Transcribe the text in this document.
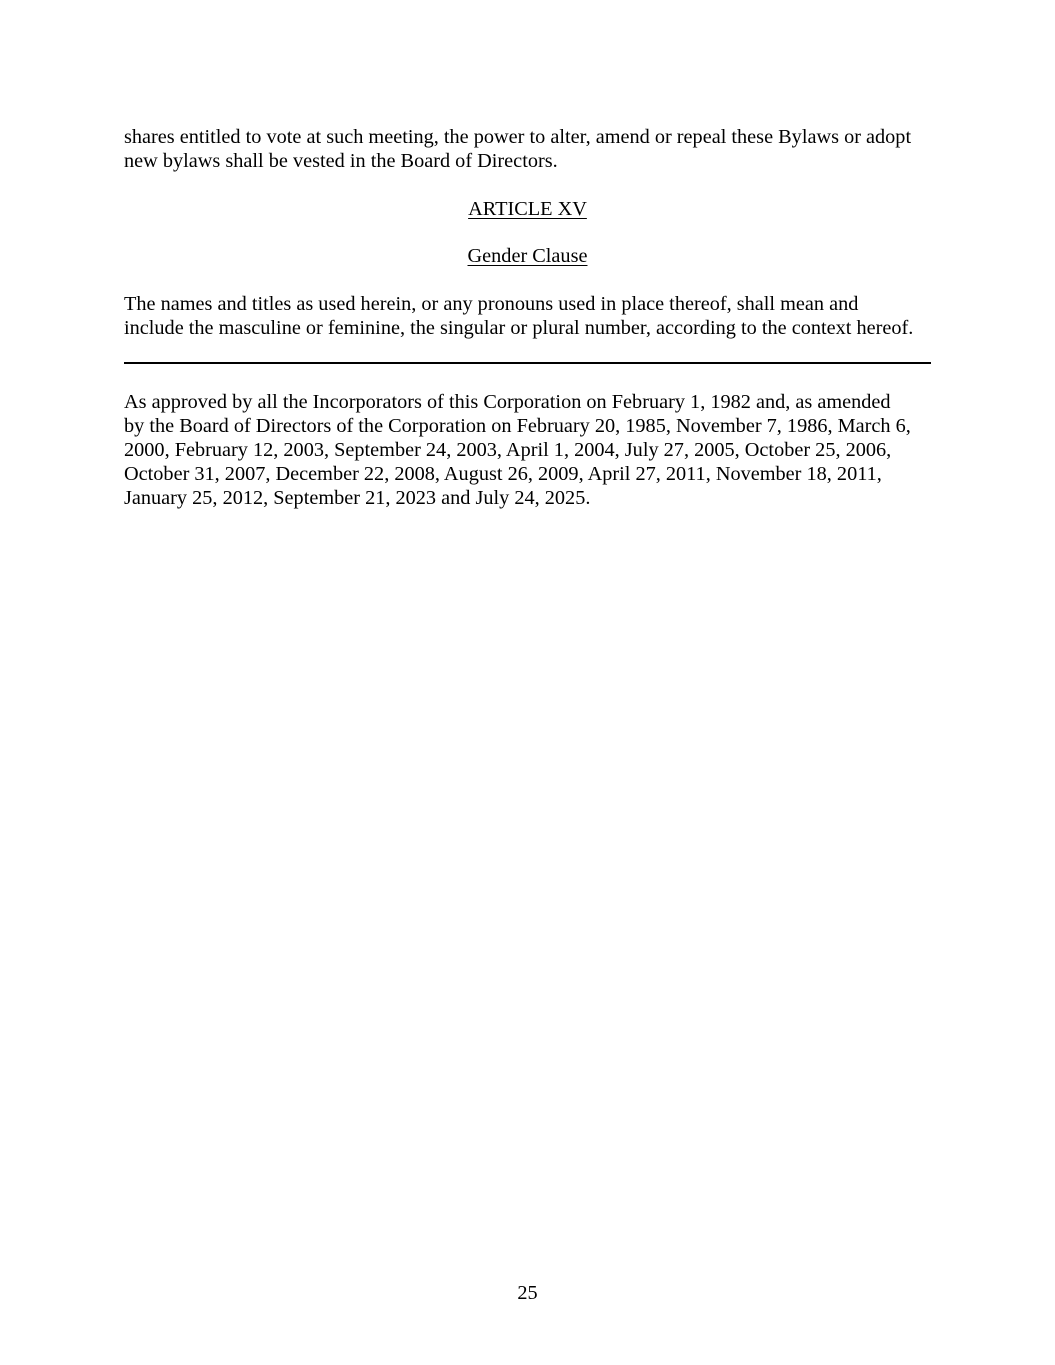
shares entitled to vote at such meeting, the power to alter, amend or repeal these Bylaws or adopt
new bylaws shall be vested in the Board of Directors.

ARTICLE XV

Gender Clause

The names and titles as used herein, or any pronouns used in place thereof, shall mean and
include the masculine or feminine, the singular or plural number, according to the context hereof.

As approved by all the Incorporators of this Corporation on February 1, 1982 and, as amended
by the Board of Directors of the Corporation on February 20, 1985, November 7, 1986, March 6,
2000, February 12, 2003, September 24, 2003, April 1, 2004, July 27, 2005, October 25, 2006,
October 31, 2007, December 22, 2008, August 26, 2009, April 27, 2011, November 18, 2011,
January 25, 2012, September 21, 2023 and July 24, 2025.

25
